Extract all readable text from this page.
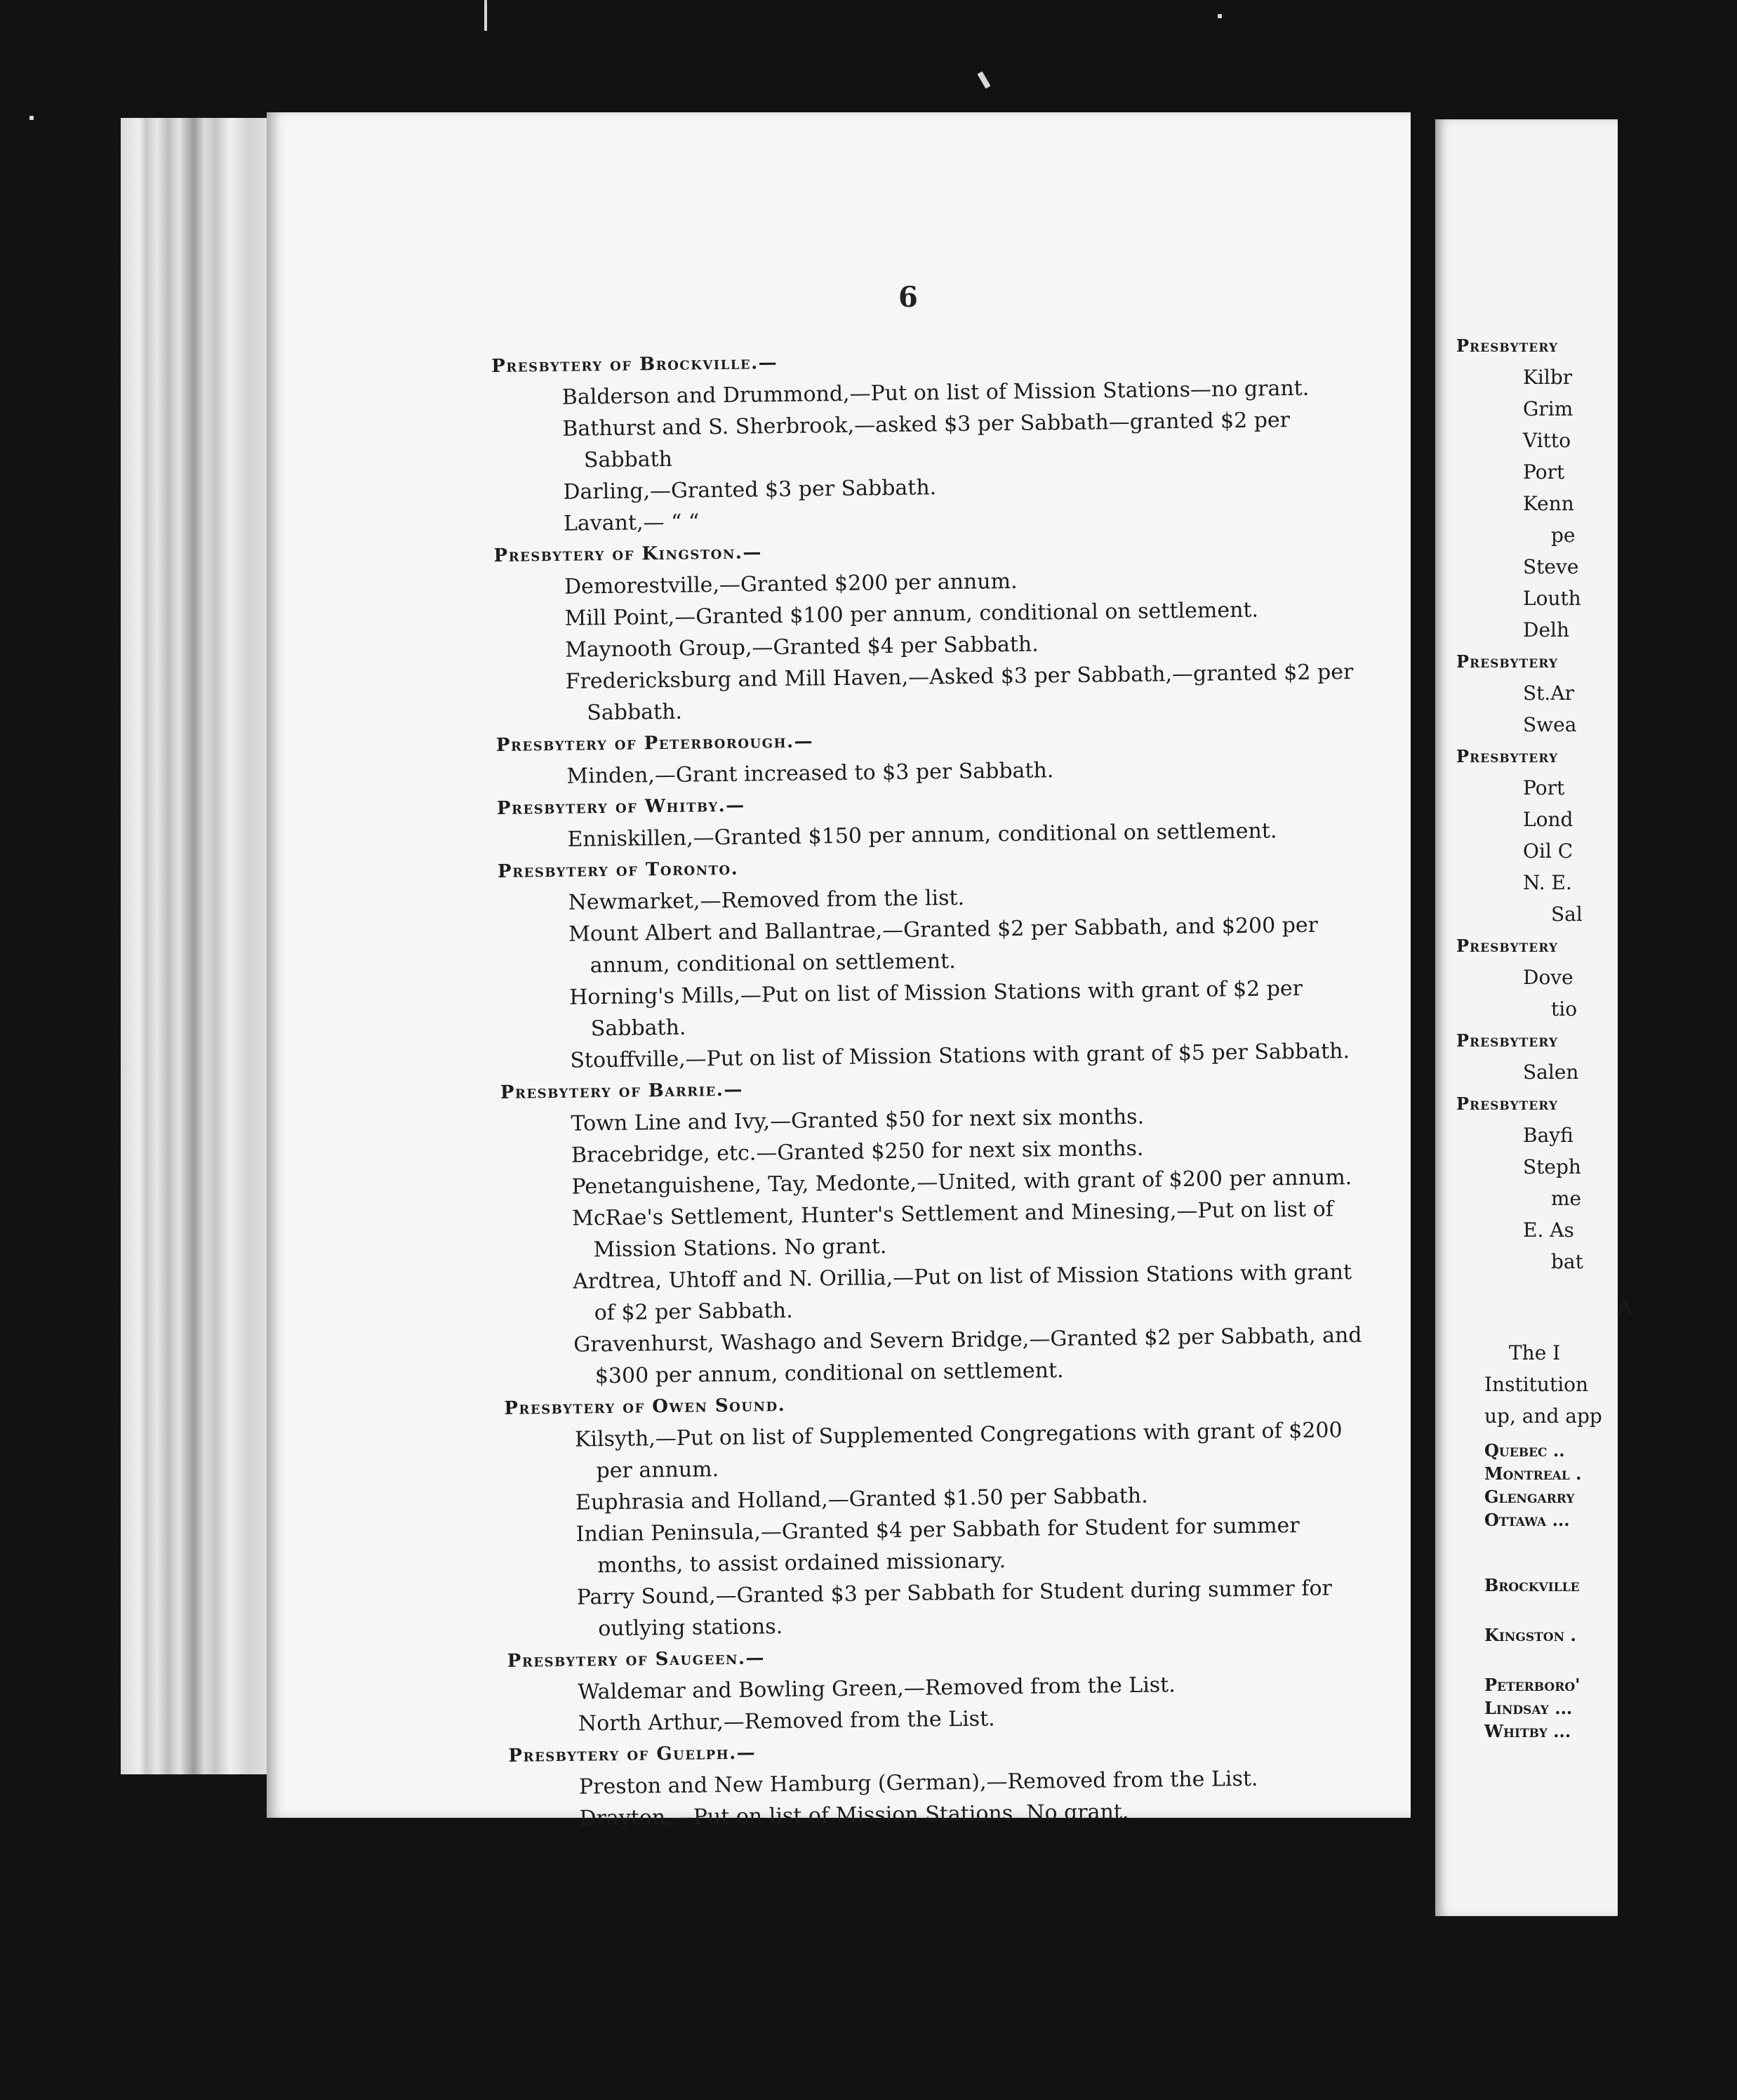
6
Presbytery of Brockville.—
Balderson and Drummond,—Put on list of Mission Stations—no grant.
Bathurst and S. Sherbrook,—asked $3 per Sabbath—granted $2 per Sabbath
Darling,—Granted $3 per Sabbath.
Lavant,— “ “
Presbytery of Kingston.—
Demorestville,—Granted $200 per annum.
Mill Point,—Granted $100 per annum, conditional on settlement.
Maynooth Group,—Granted $4 per Sabbath.
Fredericksburg and Mill Haven,—Asked $3 per Sabbath,—granted $2 per Sabbath.
Presbytery of Peterborough.—
Minden,—Grant increased to $3 per Sabbath.
Presbytery of Whitby.—
Enniskillen,—Granted $150 per annum, conditional on settlement.
Presbytery of Toronto.
Newmarket,—Removed from the list.
Mount Albert and Ballantrae,—Granted $2 per Sabbath, and $200 per annum, conditional on settlement.
Horning's Mills,—Put on list of Mission Stations with grant of $2 per Sabbath.
Stouffville,—Put on list of Mission Stations with grant of $5 per Sabbath.
Presbytery of Barrie.—
Town Line and Ivy,—Granted $50 for next six months.
Bracebridge, etc.—Granted $250 for next six months.
Penetanguishene, Tay, Medonte,—United, with grant of $200 per annum.
McRae's Settlement, Hunter's Settlement and Minesing,—Put on list of Mission Stations. No grant.
Ardtrea, Uhtoff and N. Orillia,—Put on list of Mission Stations with grant of $2 per Sabbath.
Gravenhurst, Washago and Severn Bridge,—Granted $2 per Sabbath, and $300 per annum, conditional on settlement.
Presbytery of Owen Sound.
Kilsyth,—Put on list of Supplemented Congregations with grant of $200 per annum.
Euphrasia and Holland,—Granted $1.50 per Sabbath.
Indian Peninsula,—Granted $4 per Sabbath for Student for summer months, to assist ordained missionary.
Parry Sound,—Granted $3 per Sabbath for Student during summer for outlying stations.
Presbytery of Saugeen.—
Waldemar and Bowling Green,—Removed from the List.
North Arthur,—Removed from the List.
Presbytery of Guelph.—
Preston and New Hamburg (German),—Removed from the List.
Drayton,—Put on list of Mission Stations. No grant.
Presbytery
Kilbr
Grim
Vitto
Port
Kenn
pe
Steve
Louth
Delh
Presbytery
St.Ar
Swea
Presbytery
Port
Lond
Oil C
N. E.
Sal
Presbytery
Dove
tio
Presbytery
Salen
Presbytery
Bayfi
Steph
me
E. As
bat
A
The I
Institution
up, and app
Quebec ..
Montreal .
Glengarry
Ottawa ...
Brockville
Kingston .
Peterboro'
Lindsay ...
Whitby ...
